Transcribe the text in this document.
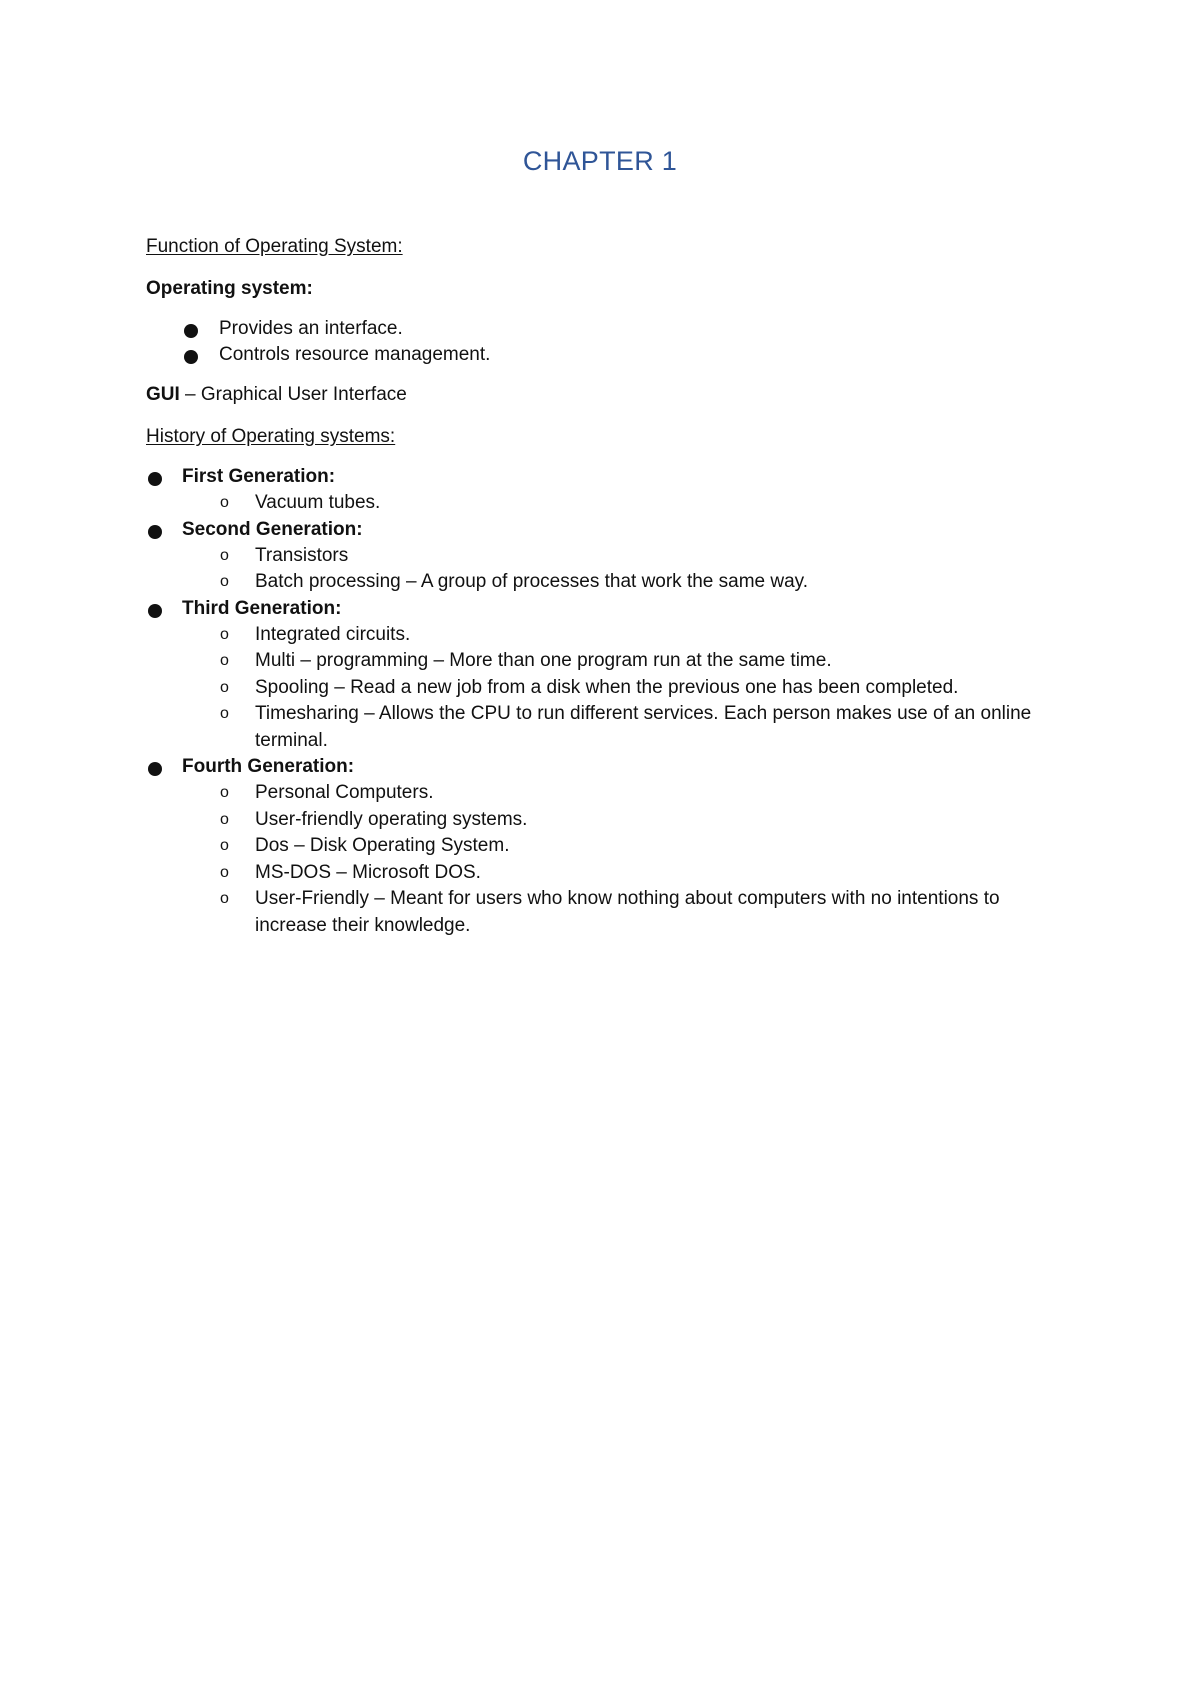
CHAPTER 1

Function of Operating System:

Operating system:

Provides an interface.
Controls resource management.

GUI – Graphical User Interface

History of Operating systems:

First Generation:
o Vacuum tubes.
Second Generation:
o Transistors
o Batch processing – A group of processes that work the same way.
Third Generation:
o Integrated circuits.
o Multi – programming – More than one program run at the same time.
o Spooling – Read a new job from a disk when the previous one has been completed.
o Timesharing – Allows the CPU to run different services. Each person makes use of an online terminal.
Fourth Generation:
o Personal Computers.
o User-friendly operating systems.
o Dos – Disk Operating System.
o MS-DOS – Microsoft DOS.
o User-Friendly – Meant for users who know nothing about computers with no intentions to increase their knowledge.
